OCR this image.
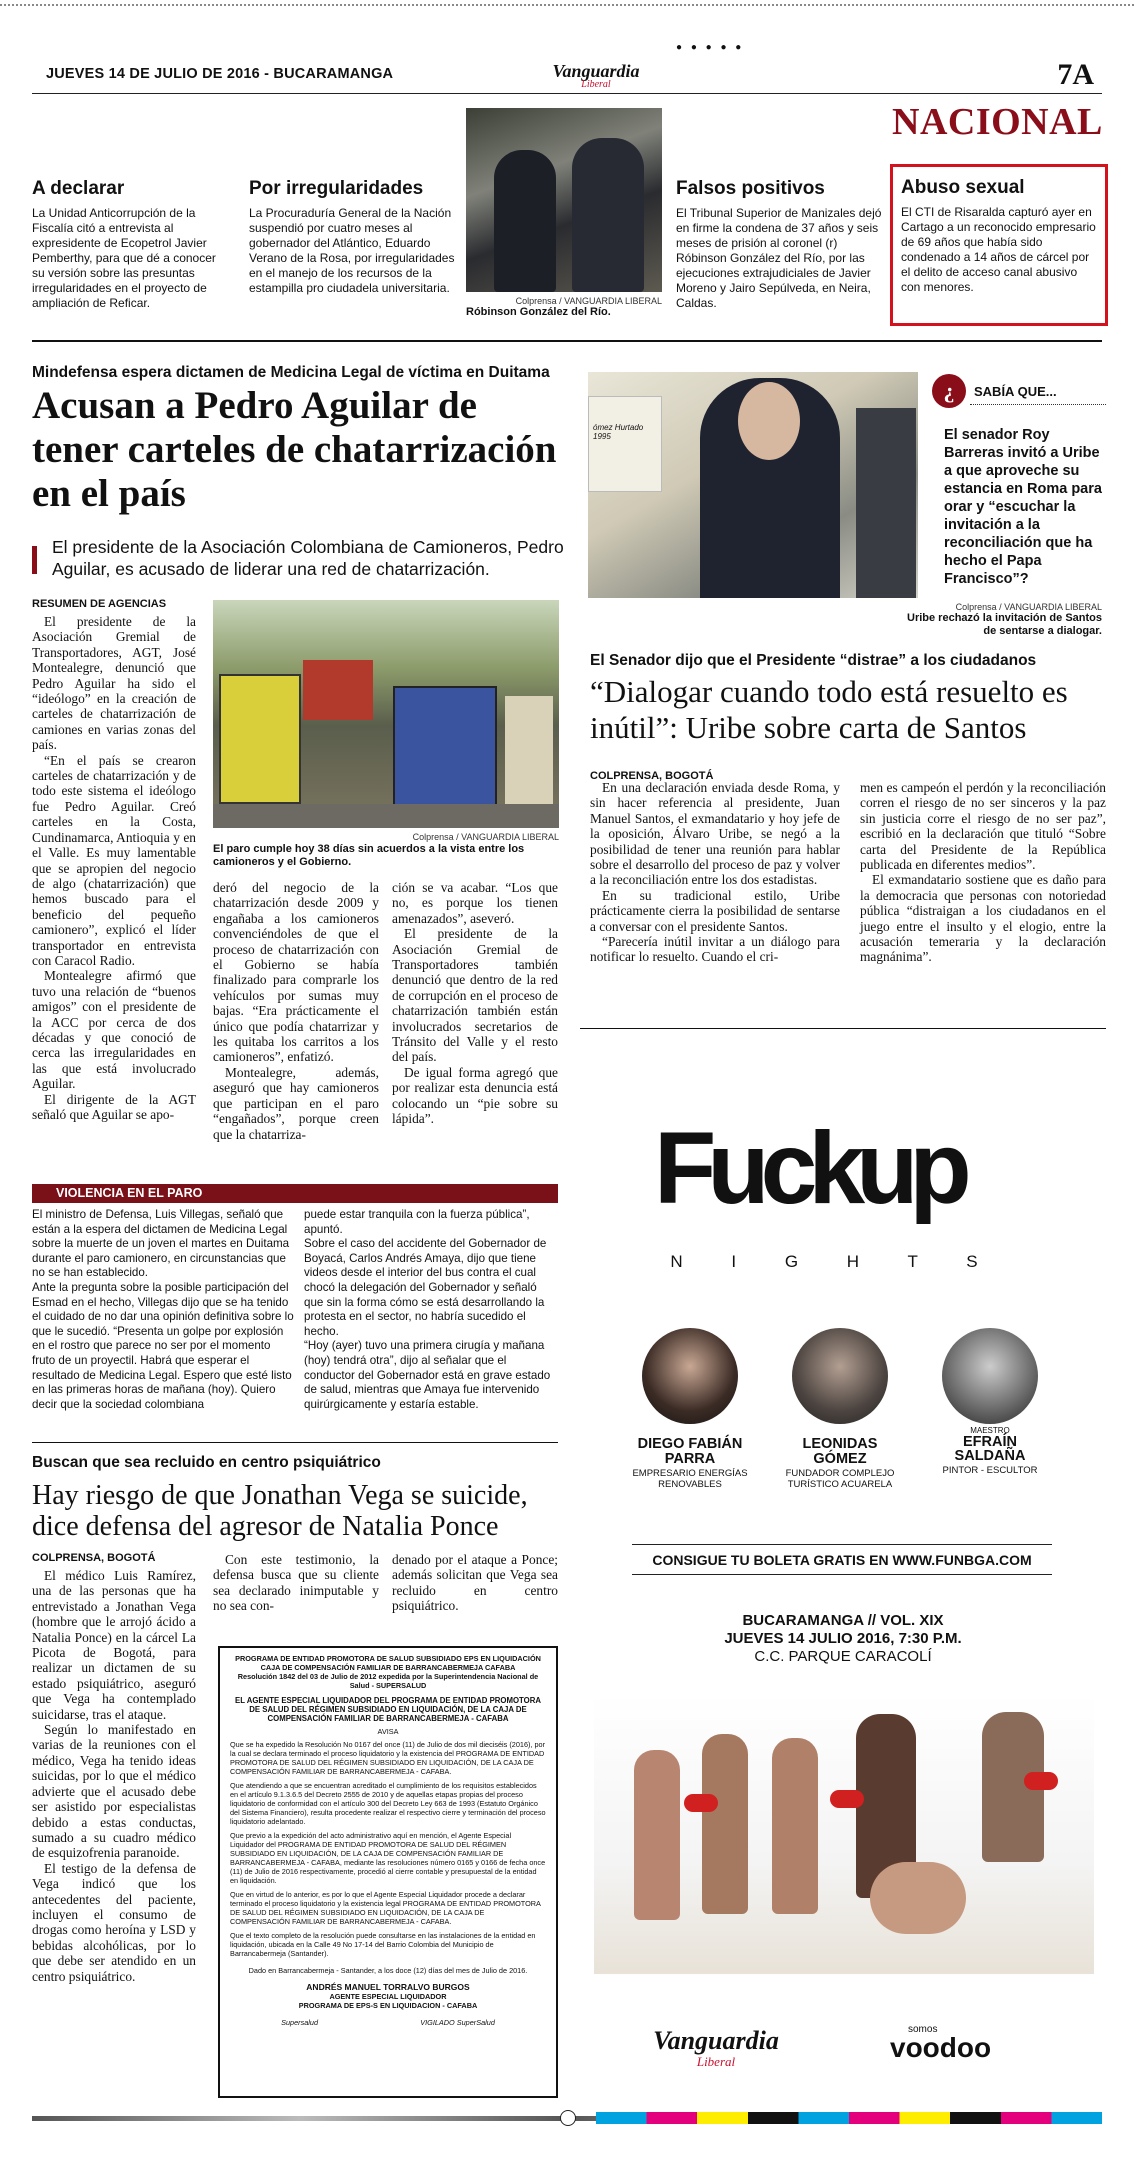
● ● ● ● ●
JUEVES 14 DE JULIO DE 2016 - BUCARAMANGA	Vanguardia
Liberal	7A
NACIONAL
A declarar

La Unidad Anticorrupción de la Fiscalía citó a entrevista al expresidente de Ecopetrol Javier Pemberthy, para que dé a conocer su versión sobre las presuntas irregularidades en el proyecto de ampliación de Reficar.

Por irregularidades

La Procuraduría General de la Nación suspendió por cuatro meses al gobernador del Atlántico, Eduardo Verano de la Rosa, por irregularidades en el manejo de los recursos de la estampilla pro ciudadela universitaria.

Colprensa / VANGUARDIA LIBERAL
Róbinson González del Río.
Falsos positivos

El Tribunal Superior de Manizales dejó en firme la condena de 37 años y seis meses de prisión al coronel (r) Róbinson González del Río, por las ejecuciones extrajudiciales de Javier Moreno y Jairo Sepúlveda, en Neira, Caldas.

Abuso sexual

El CTI de Risaralda capturó ayer en Cartago a un reconocido empresario de 69 años que había sido condenado a 14 años de cárcel por el delito de acceso canal abusivo con menores.

Mindefensa espera dictamen de Medicina Legal de víctima en Duitama
Acusan a Pedro Aguilar de tener carteles de chatarrización en el país
El presidente de la Asociación Colombiana de Camioneros, Pedro Aguilar, es acusado de liderar una red de chatarrización.
RESUMEN DE AGENCIAS
Colprensa / VANGUARDIA LIBERAL
El paro cumple hoy 38 días sin acuerdos a la vista entre los camioneros y el Gobierno.

El presidente de la Asociación Gremial de Transportadores, AGT, José Montealegre, denunció que Pedro Aguilar ha sido el “ideólogo” en la creación de carteles de chatarrización de camiones en varias zonas del país.

“En el país se crearon carteles de chatarrización y de todo este sistema el ideólogo fue Pedro Aguilar. Creó carteles en la Costa, Cundinamarca, Antioquia y en el Valle. Es muy lamentable que se apropien del negocio de algo (chatarrización) que hemos buscado para el beneficio del pequeño camionero”, explicó el líder transportador en entrevista con Caracol Radio.

Montealegre afirmó que tuvo una relación de “buenos amigos” con el presidente de la ACC por cerca de dos décadas y que conoció de cerca las irregularidades en las que está involucrado Aguilar.

El dirigente de la AGT señaló que Aguilar se apo-

deró del negocio de la chatarrización desde 2009 y engañaba a los camioneros convenciéndoles de que el proceso de chatarrización con el Gobierno se había finalizado para comprarle los vehículos por sumas muy bajas. “Era prácticamente el único que podía chatarrizar y les quitaba los carritos a los camioneros”, enfatizó.

Montealegre, además, aseguró que hay camioneros que participan en el paro “engañados”, porque creen que la chatarriza-

ción se va acabar. “Los que no, es porque los tienen amenazados”, aseveró.

El presidente de la Asociación Gremial de Transportadores también denunció que dentro de la red de corrupción en el proceso de chatarrización también están involucrados secretarios de Tránsito del Valle y el resto del país.

De igual forma agregó que por realizar esta denuncia está colocando un “pie sobre su lápida”.

VIOLENCIA EN EL PARO

El ministro de Defensa, Luis Villegas, señaló que están a la espera del dictamen de Medicina Legal sobre la muerte de un joven el martes en Duitama durante el paro camionero, en circunstancias que no se han establecido.

Ante la pregunta sobre la posible participación del Esmad en el hecho, Villegas dijo que se ha tenido el cuidado de no dar una opinión definitiva sobre lo que le sucedió. “Presenta un golpe por explosión en el rostro que parece no ser por el momento fruto de un proyectil. Habrá que esperar el resultado de Medicina Legal. Espero que esté listo en las primeras horas de mañana (hoy). Quiero decir que la sociedad colombiana

puede estar tranquila con la fuerza pública”, apuntó.

Sobre el caso del accidente del Gobernador de Boyacá, Carlos Andrés Amaya, dijo que tiene videos desde el interior del bus contra el cual chocó la delegación del Gobernador y señaló que sin la forma cómo se está desarrollando la protesta en el sector, no habría sucedido el hecho.

“Hoy (ayer) tuvo una primera cirugía y mañana (hoy) tendrá otra”, dijo al señalar que el conductor del Gobernador está en grave estado de salud, mientras que Amaya fue intervenido quirúrgicamente y estaría estable.

Buscan que sea recluido en centro psiquiátrico
Hay riesgo de que Jonathan Vega se suicide, dice defensa del agresor de Natalia Ponce
COLPRENSA, BOGOTÁ

El médico Luis Ramírez, una de las personas que ha entrevistado a Jonathan Vega (hombre que le arrojó ácido a Natalia Ponce) en la cárcel La Picota de Bogotá, para realizar un dictamen de su estado psiquiátrico, aseguró que Vega ha contemplado suicidarse, tras el ataque.

Según lo manifestado en varias de la reuniones con el médico, Vega ha tenido ideas suicidas, por lo que el médico advierte que el acusado debe ser asistido por especialistas debido a estas conductas, sumado a su cuadro médico de esquizofrenia paranoide.

El testigo de la defensa de Vega indicó que los antecedentes del paciente, incluyen el consumo de drogas como heroína y LSD y bebidas alcohólicas, por lo que debe ser atendido en un centro psiquiátrico.

Con este testimonio, la defensa busca que su cliente sea declarado inimputable y no sea con-

denado por el ataque a Ponce; además solicitan que Vega sea recluido en centro psiquiátrico.

PROGRAMA DE ENTIDAD PROMOTORA DE SALUD SUBSIDIADO EPS EN LIQUIDACIÓN
CAJA DE COMPENSACIÓN FAMILIAR DE BARRANCABERMEJA CAFABA
Resolución 1842 del 03 de Julio de 2012 expedida por la Superintendencia Nacional de Salud - SUPERSALUD
EL AGENTE ESPECIAL LIQUIDADOR DEL PROGRAMA DE ENTIDAD PROMOTORA DE SALUD DEL RÉGIMEN SUBSIDIADO EN LIQUIDACIÓN, DE LA CAJA DE COMPENSACIÓN FAMILIAR DE BARRANCABERMEJA - CAFABA
AVISA

Que se ha expedido la Resolución No 0167 del once (11) de Julio de dos mil dieciséis (2016), por la cual se declara terminado el proceso liquidatorio y la existencia del PROGRAMA DE ENTIDAD PROMOTORA DE SALUD DEL RÉGIMEN SUBSIDIADO EN LIQUIDACIÓN, DE LA CAJA DE COMPENSACIÓN FAMILIAR DE BARRANCABERMEJA - CAFABA.

Que atendiendo a que se encuentran acreditado el cumplimiento de los requisitos establecidos en el artículo 9.1.3.6.5 del Decreto 2555 de 2010 y de aquellas etapas propias del proceso liquidatorio de conformidad con el artículo 300 del Decreto Ley 663 de 1993 (Estatuto Orgánico del Sistema Financiero), resulta procedente realizar el respectivo cierre y terminación del proceso liquidatorio adelantado.

Que previo a la expedición del acto administrativo aquí en mención, el Agente Especial Liquidador del PROGRAMA DE ENTIDAD PROMOTORA DE SALUD DEL RÉGIMEN SUBSIDIADO EN LIQUIDACIÓN, DE LA CAJA DE COMPENSACIÓN FAMILIAR DE BARRANCABERMEJA - CAFABA, mediante las resoluciones número 0165 y 0166 de fecha once (11) de Julio de 2016 respectivamente, procedió al cierre contable y presupuestal de la entidad en liquidación.

Que en virtud de lo anterior, es por lo que el Agente Especial Liquidador procede a declarar terminado el proceso liquidatorio y la existencia legal PROGRAMA DE ENTIDAD PROMOTORA DE SALUD DEL RÉGIMEN SUBSIDIADO EN LIQUIDACIÓN, DE LA CAJA DE COMPENSACIÓN FAMILIAR DE BARRANCABERMEJA - CAFABA.

Que el texto completo de la resolución puede consultarse en las instalaciones de la entidad en liquidación, ubicada en la Calle 49 No 17-14 del Barrio Colombia del Municipio de Barrancabermeja (Santander).

Dado en Barrancabermeja - Santander, a los doce (12) días del mes de Julio de 2016.

ANDRÉS MANUEL TORRALVO BURGOS
AGENTE ESPECIAL LIQUIDADOR
PROGRAMA DE EPS-S EN LIQUIDACION - CAFABA
Supersalud	VIGILADO SuperSalud
ómez Hurtado 1995
¿	SABÍA QUE...
El senador Roy Barreras invitó a Uribe a que aproveche su estancia en Roma para orar y “escuchar la invitación a la reconciliación que ha hecho el Papa Francisco”?
Colprensa / VANGUARDIA LIBERAL
Uribe rechazó la invitación de Santos de sentarse a dialogar.
El Senador dijo que el Presidente “distrae” a los ciudadanos
“Dialogar cuando todo está resuelto es inútil”: Uribe sobre carta de Santos
COLPRENSA, BOGOTÁ

En una declaración enviada desde Roma, y sin hacer referencia al presidente, Juan Manuel Santos, el exmandatario y hoy jefe de la oposición, Álvaro Uribe, se negó a la posibilidad de tener una reunión para hablar sobre el desarrollo del proceso de paz y volver a la reconciliación entre los dos estadistas.

En su tradicional estilo, Uribe prácticamente cierra la posibilidad de sentarse a conversar con el presidente Santos.

“Parecería inútil invitar a un diálogo para notificar lo resuelto. Cuando el cri-

men es campeón el perdón y la reconciliación corren el riesgo de no ser sinceros y la paz sin justicia corre el riesgo de no ser paz”, escribió en la declaración que tituló “Sobre carta del Presidente de la República publicada en diferentes medios”.

El exmandatario sostiene que es daño para la democracia que personas con notoriedad pública “distraigan a los ciudadanos en el juego entre el insulto y el elogio, entre la acusación temeraria y la declaración magnánima”.

Fuckup
N I G H T S
DIEGO FABIÁN
PARRA
EMPRESARIO ENERGÍAS RENOVABLES
LEONIDAS
GÓMEZ
FUNDADOR COMPLEJO TURÍSTICO ACUARELA
MAESTRO
EFRAÍN
SALDAÑA
PINTOR - ESCULTOR
CONSIGUE TU BOLETA GRATIS EN WWW.FUNBGA.COM
BUCARAMANGA // VOL. XIX
JUEVES 14 JULIO 2016, 7:30 P.M.
C.C. PARQUE CARACOLÍ
Vanguardia
Liberal
somos
voodoo
